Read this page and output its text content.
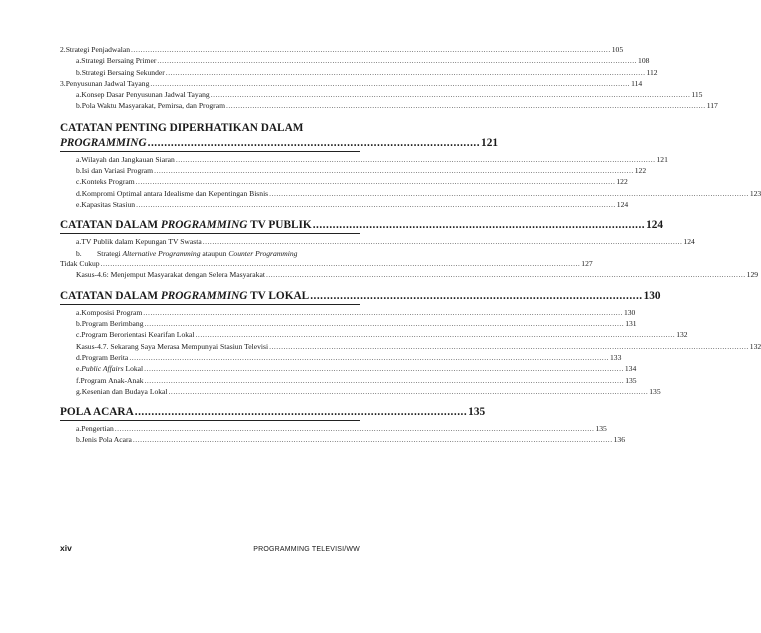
2. Strategi Penjadwalan .....	105
a. Strategi Bersaing Primer .....	108
b. Strategi Bersaing Sekunder .....	112
3. Penyusunan Jadwal Tayang .....	114
a. Konsep Dasar Penyusunan Jadwal Tayang .....	115
b. Pola Waktu Masyarakat, Pemirsa, dan Program .....	117
CATATAN PENTING DIPERHATIKAN DALAM
PROGRAMMING .................................................................................................... 121
a. Wilayah dan Jangkauan Siaran .....	121
b. Isi dan Variasi Program .....	122
c. Konteks Program .....	122
d. Kompromi Optimal antara Idealisme dan Kepentingan Bisnis .....	123
e. Kapasitas Stasiun .....	124
CATATAN DALAM PROGRAMMING TV PUBLIK .................................................................................................... 124
a. TV Publik dalam Kepungan TV Swasta .....	124
b.	Strategi Alternative Programming ataupun Counter Programming
Tidak Cukup .....	127
Kasus-4.6: Menjemput Masyarakat dengan Selera Masyarakat .....	129
CATATAN DALAM PROGRAMMING TV LOKAL .................................................................................................... 130
a. Komposisi Program .....	130
b. Program Berimbang .....	131
c. Program Berorientasi Kearifan Lokal .....	132
Kasus-4.7. Sekarang Saya Merasa Mempunyai Stasiun Televisi .....	132
d. Program Berita .....	133
e. Public Affairs Lokal .....	134
f. Program Anak-Anak .....	135
g. Kesenian dan Budaya Lokal .....	135
POLA ACARA .................................................................................................... 135
a. Pengertian .....	135
b. Jenis Pola Acara .....	136
xiv	PROGRAMMING TELEVISI/WW
